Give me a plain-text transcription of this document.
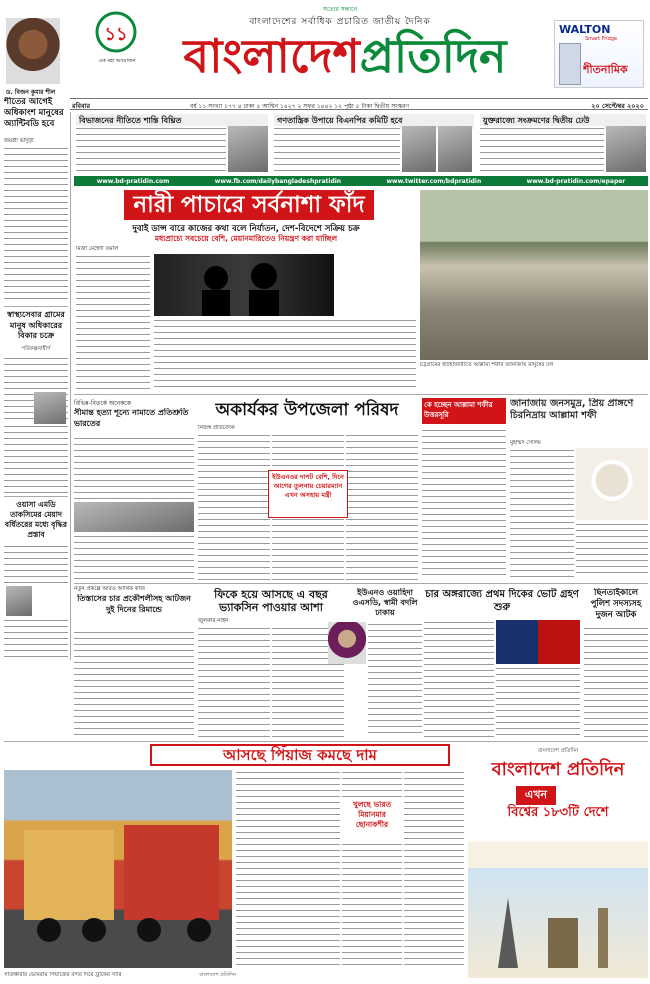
ড. বিজন কুমার শীল
১১
এক মহা আয়োজন
বাংলাদেশের সর্বাধিক প্রচারিত জাতীয় দৈনিক
সত্যের সন্ধানে
বাংলাদেশপ্রতিদিন	WALTON
Smart Fridge
শীতনামিক
রবিবার	বর্ষ ১১ সংখ্যা ১৭৭ ৪ ঢাকা ৫ আশ্বিন ১৪২৭ ২ সফর ১৪৪২ ১২ পৃষ্ঠা ৫ টাকা দ্বিতীয় সংস্করণ	২০ সেপ্টেম্বর ২০২০
শীতের আগেই অধিকাংশ মানুষের অ্যান্টিবডি হবে
জয়শ্রী ভাদুড়ী
স্বাস্থ্যসেবার গ্রামের মানুষ অধিকারের বিকার চক্রে
পরিকল্পনাধীর্ণ
ওয়াসা এমডি তাকসিমের মেয়াদ বর্ধিতরের মধ্যে বৃদ্ধির প্রস্তাব
বিভাজনের নীতিতে শান্তি বিঘ্নিত	গণতান্ত্রিক উপায়ে বিএনপির কমিটি হবে	যুক্তরাজ্যে সংক্রমণের দ্বিতীয় ঢেউ
www.bd-pratidin.com	www.fb.com/dailybangladeshpratidin	www.twitter.com/bdpratidin	www.bd-pratidin.com/epaper
নারী পাচারে সর্বনাশা ফাঁদ
দুবাই ডান্স বারে কাজের কথা বলে নির্যাতন, দেশ-বিদেশে সক্রিয় চক্র
মধ্যপ্রাচ্যে সবচেয়ে বেশি, মেয়ানমারিতেও নিয়ন্ত্রণ করা যাচ্ছিল
মির্জা মেহেদী তমাল
চট্টগ্রামের হাটহাজারীতে আল্লামা শফীর জানাজায় মানুষের ঢল
বিভিন্ন-বিতর্কে অনেককে
সীমান্ত হত্যা শূন্যে নামাতে প্রতিশ্রুতি ভারতের
অকার্যকর উপজেলা পরিষদ
নিজস্ব প্রতিবেদক
ইউএনওর দাপট বেশি, দিনে আগের তুলনায় চেয়ারম্যান এখন অসহায় মন্ত্রী
কে হচ্ছেন আল্লামা শফীর উত্তরসূরি
জানাজায় জনসমুদ্র, প্রিয় প্রাঙ্গণে চিরনিদ্রায় আল্লামা শফী
মুহাম্মদ সেলিম
নতুন প্রকল্পে আরও আর্থিক কাজ
তিস্তাসের চার প্রকৌশলীসহ আটজন দুই দিনের রিমান্ডে
ফিকে হয়ে আসছে এ বছর ভ্যাকসিন পাওয়ার আশা
জুলকার নাইন
ইউএনও ওয়াহিদা ওএসডি, স্বামী বদলি ঢাকায়
চার অঙ্গরাজ্যে প্রথম দিকের ভোট গ্রহণ শুরু
ছিনতাইকালে পুলিশ সদস্যসহ দুজন আটক
আসছে পিঁয়াজ কমছে দাম
সাতক্ষীরার ভোমরায় পিঁয়াজের বন্দর দিয়ে ট্রাকের সারি	বাংলাদেশ প্রতিদিন
খুলছে ভারত মিয়ানমার ছোনাকশীর
বাংলাদেশ প্রতিদিন
বাংলাদেশ প্রতিদিন
এখন
বিশ্বের ১৮৩টি দেশে
